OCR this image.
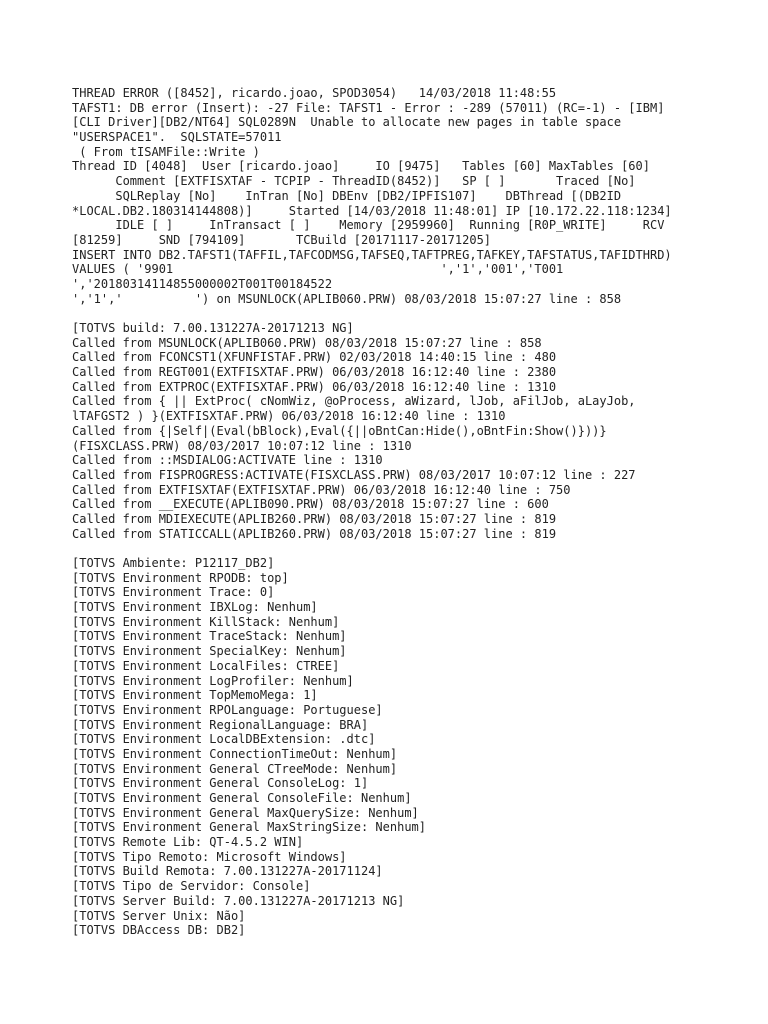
THREAD ERROR ([8452], ricardo.joao, SPOD3054)   14/03/2018 11:48:55
TAFST1: DB error (Insert): -27 File: TAFST1 - Error : -289 (57011) (RC=-1) - [IBM]
[CLI Driver][DB2/NT64] SQL0289N  Unable to allocate new pages in table space
"USERSPACE1".  SQLSTATE=57011
( From tISAMFile::Write )
Thread ID [4048]  User [ricardo.joao]     IO [9475]   Tables [60] MaxTables [60]
Comment [EXTFISXTAF - TCPIP - ThreadID(8452)]   SP [ ]       Traced [No]
SQLReplay [No]    InTran [No] DBEnv [DB2/IPFIS107]    DBThread [(DB2ID
*LOCAL.DB2.180314144808)]     Started [14/03/2018 11:48:01] IP [10.172.22.118:1234]
IDLE [ ]     InTransact [ ]    Memory [2959960]  Running [R0P_WRITE]     RCV
[81259]     SND [794109]       TCBuild [20171117-20171205]
INSERT INTO DB2.TAFST1(TAFFIL,TAFCODMSG,TAFSEQ,TAFTPREG,TAFKEY,TAFSTATUS,TAFIDTHRD)
VALUES ( '9901                                     ','1','001','T001
','20180314114855000002T001T00184522
','1','          ') on MSUNLOCK(APLIB060.PRW) 08/03/2018 15:07:27 line : 858
[TOTVS build: 7.00.131227A-20171213 NG]
Called from MSUNLOCK(APLIB060.PRW) 08/03/2018 15:07:27 line : 858
Called from FCONCST1(XFUNFISTAF.PRW) 02/03/2018 14:40:15 line : 480
Called from REGT001(EXTFISXTAF.PRW) 06/03/2018 16:12:40 line : 2380
Called from EXTPROC(EXTFISXTAF.PRW) 06/03/2018 16:12:40 line : 1310
Called from { || ExtProc( cNomWiz, @oProcess, aWizard, lJob, aFilJob, aLayJob,
lTAFGST2 ) }(EXTFISXTAF.PRW) 06/03/2018 16:12:40 line : 1310
Called from {|Self|(Eval(bBlock),Eval({||oBntCan:Hide(),oBntFin:Show()}))}
(FISXCLASS.PRW) 08/03/2017 10:07:12 line : 1310
Called from ::MSDIALOG:ACTIVATE line : 1310
Called from FISPROGRESS:ACTIVATE(FISXCLASS.PRW) 08/03/2017 10:07:12 line : 227
Called from EXTFISXTAF(EXTFISXTAF.PRW) 06/03/2018 16:12:40 line : 750
Called from __EXECUTE(APLIB090.PRW) 08/03/2018 15:07:27 line : 600
Called from MDIEXECUTE(APLIB260.PRW) 08/03/2018 15:07:27 line : 819
Called from STATICCALL(APLIB260.PRW) 08/03/2018 15:07:27 line : 819
[TOTVS Ambiente: P12117_DB2]
[TOTVS Environment RPODB: top]
[TOTVS Environment Trace: 0]
[TOTVS Environment IBXLog: Nenhum]
[TOTVS Environment KillStack: Nenhum]
[TOTVS Environment TraceStack: Nenhum]
[TOTVS Environment SpecialKey: Nenhum]
[TOTVS Environment LocalFiles: CTREE]
[TOTVS Environment LogProfiler: Nenhum]
[TOTVS Environment TopMemoMega: 1]
[TOTVS Environment RPOLanguage: Portuguese]
[TOTVS Environment RegionalLanguage: BRA]
[TOTVS Environment LocalDBExtension: .dtc]
[TOTVS Environment ConnectionTimeOut: Nenhum]
[TOTVS Environment General CTreeMode: Nenhum]
[TOTVS Environment General ConsoleLog: 1]
[TOTVS Environment General ConsoleFile: Nenhum]
[TOTVS Environment General MaxQuerySize: Nenhum]
[TOTVS Environment General MaxStringSize: Nenhum]
[TOTVS Remote Lib: QT-4.5.2 WIN]
[TOTVS Tipo Remoto: Microsoft Windows]
[TOTVS Build Remota: 7.00.131227A-20171124]
[TOTVS Tipo de Servidor: Console]
[TOTVS Server Build: 7.00.131227A-20171213 NG]
[TOTVS Server Unix: Não]
[TOTVS DBAccess DB: DB2]
